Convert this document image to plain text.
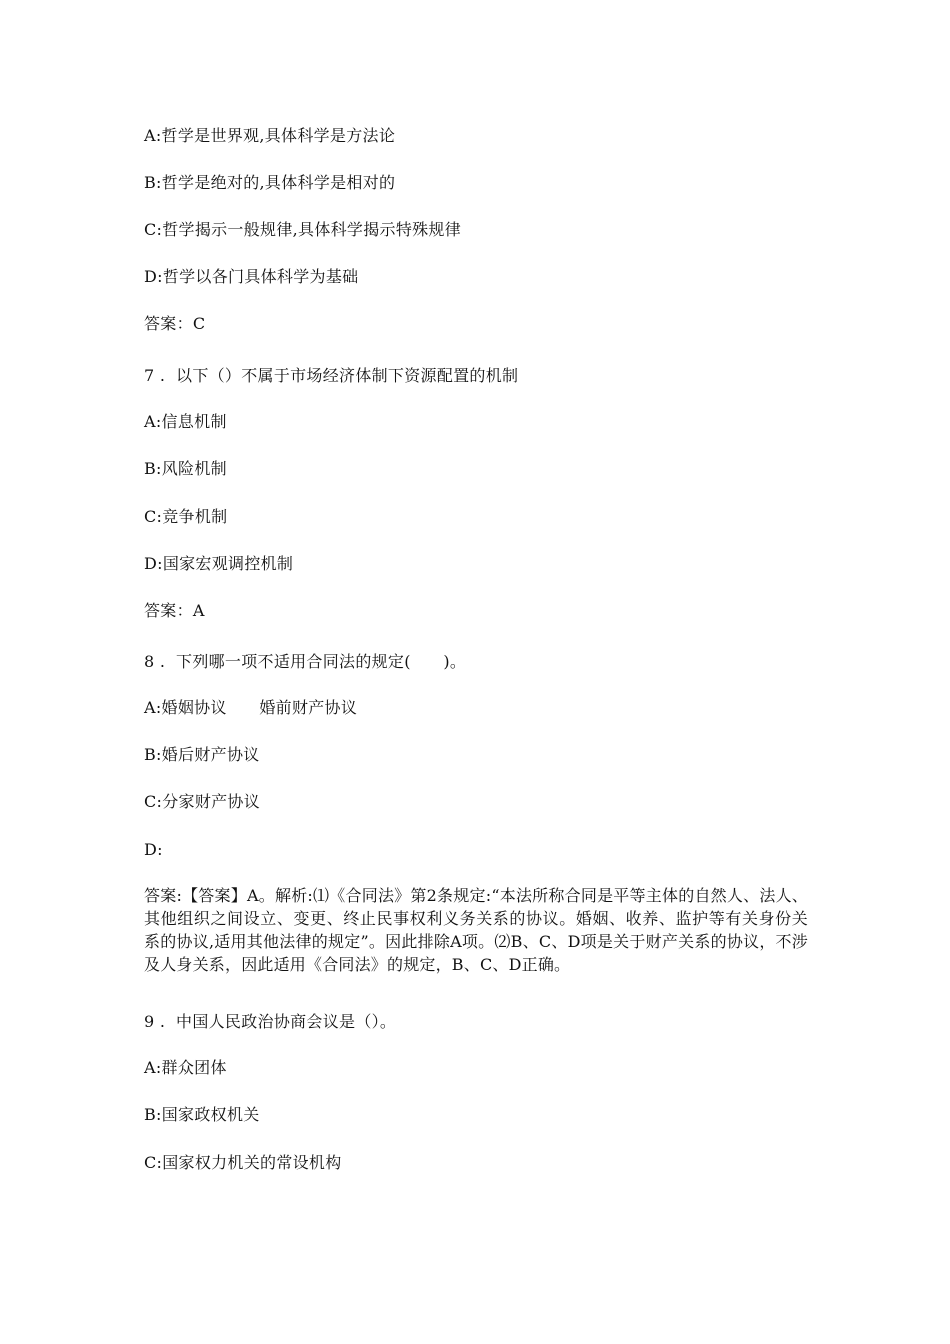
A:哲学是世界观,具体科学是方法论
B:哲学是绝对的,具体科学是相对的
C:哲学揭示一般规律,具体科学揭示特殊规律
D:哲学以各门具体科学为基础
答案：C
7 .  以下（）不属于市场经济体制下资源配置的机制
A:信息机制
B:风险机制
C:竞争机制
D:国家宏观调控机制
答案：A
8 .  下列哪一项不适用合同法的规定(　　)。
A:婚姻协议　　婚前财产协议
B:婚后财产协议
C:分家财产协议
D:
答案:【答案】A。解析:⑴《合同法》第2条规定:“本法所称合同是平等主体的自然人、法人、其他组织之间设立、变更、终止民事权利义务关系的协议。婚姻、收养、监护等有关身份关系的协议,适用其他法律的规定”。因此排除A项。⑵B、C、D项是关于财产关系的协议，不涉及人身关系，因此适用《合同法》的规定，B、C、D正确。
9 .  中国人民政治协商会议是（）。
A:群众团体
B:国家政权机关
C:国家权力机关的常设机构
